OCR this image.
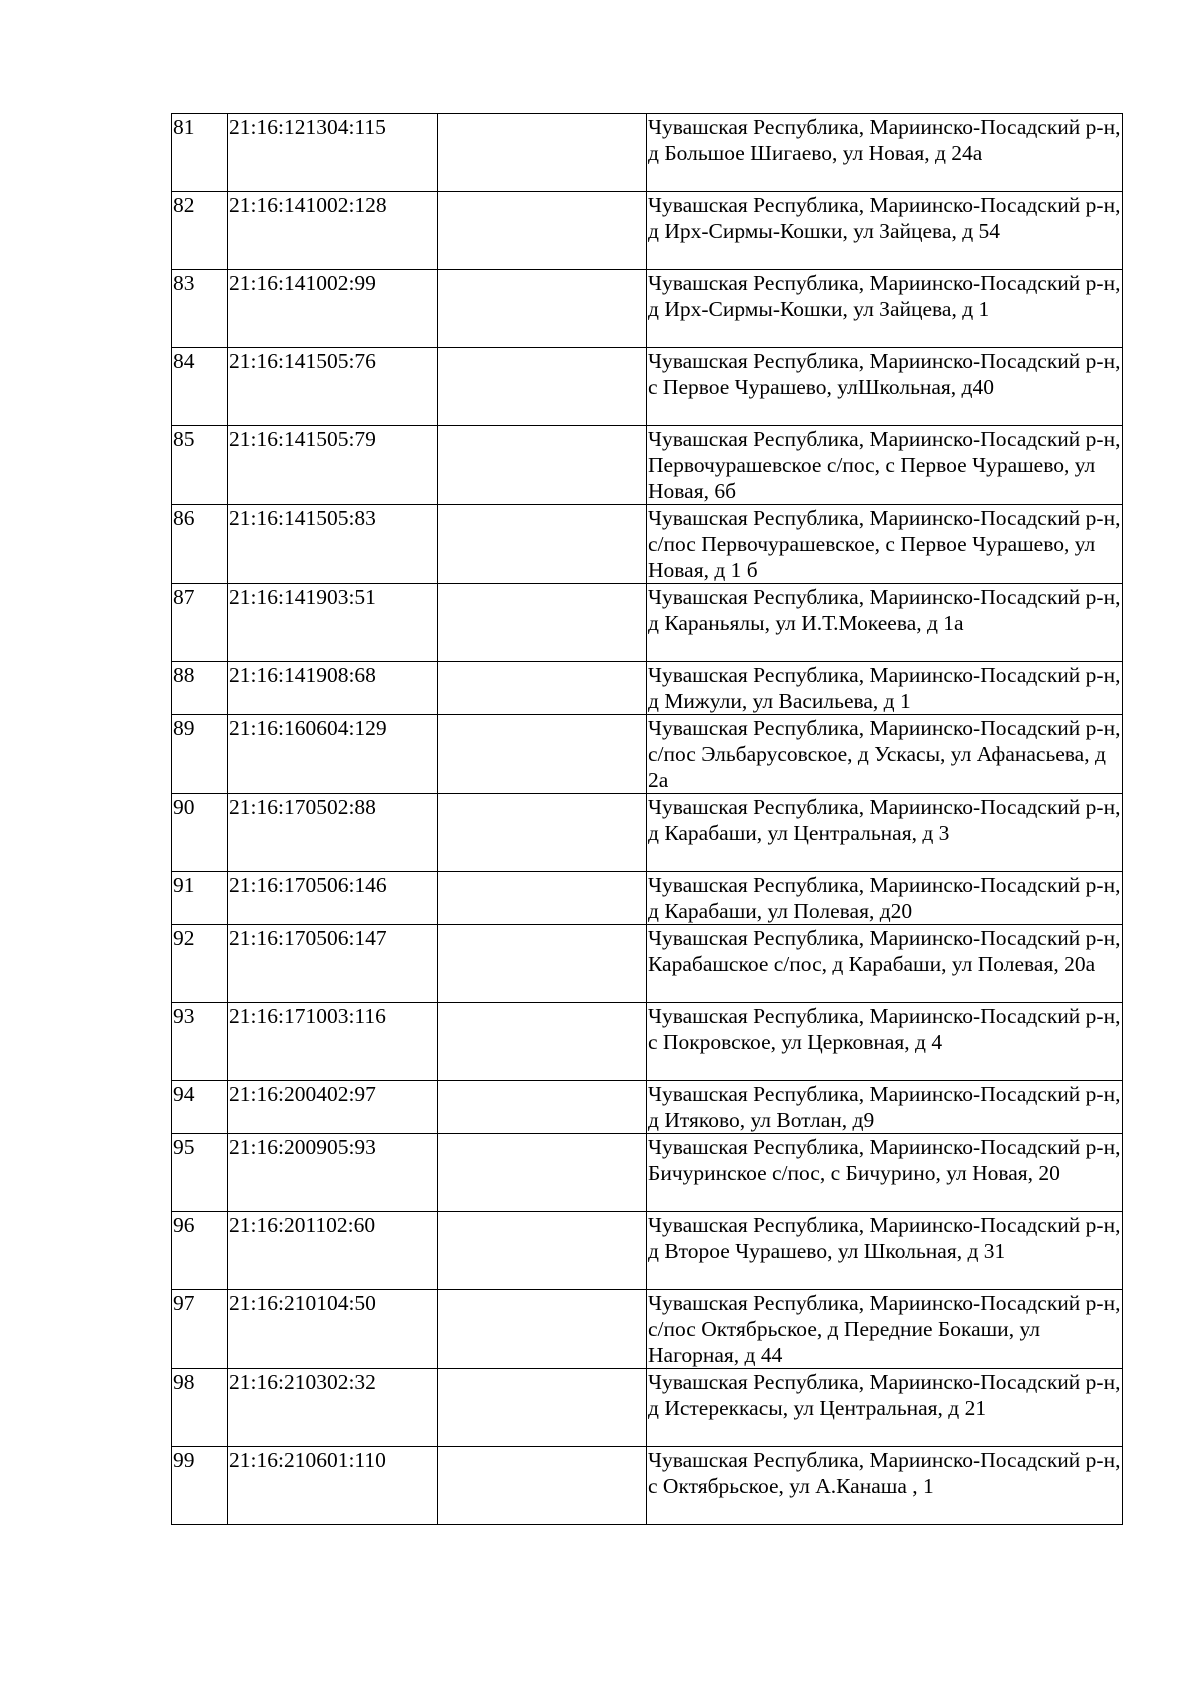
81	21:16:121304:115		Чувашская Республика, Мариинско-Посадский р-н, д Большое Шигаево, ул Новая, д 24а
82	21:16:141002:128		Чувашская Республика, Мариинско-Посадский р-н, д Ирх-Сирмы-Кошки, ул Зайцева, д 54
83	21:16:141002:99		Чувашская Республика, Мариинско-Посадский р-н, д Ирх-Сирмы-Кошки, ул Зайцева, д 1
84	21:16:141505:76		Чувашская Республика, Мариинско-Посадский р-н, с Первое Чурашево, улШкольная, д40
85	21:16:141505:79		Чувашская Республика, Мариинско-Посадский р-н, Первочурашевское с/пос, с Первое Чурашево, ул Новая, 6б
86	21:16:141505:83		Чувашская Республика, Мариинско-Посадский р-н, с/пос Первочурашевское, с Первое Чурашево, ул Новая, д 1 б
87	21:16:141903:51		Чувашская Республика, Мариинско-Посадский р-н, д Караньялы, ул И.Т.Мокеева, д 1а
88	21:16:141908:68		Чувашская Республика, Мариинско-Посадский р-н, д Мижули, ул Васильева, д 1
89	21:16:160604:129		Чувашская Республика, Мариинско-Посадский р-н, с/пос Эльбарусовское, д Ускасы, ул Афанасьева, д 2а
90	21:16:170502:88		Чувашская Республика, Мариинско-Посадский р-н, д Карабаши, ул Центральная, д 3
91	21:16:170506:146		Чувашская Республика, Мариинско-Посадский р-н, д Карабаши, ул Полевая, д20
92	21:16:170506:147		Чувашская Республика, Мариинско-Посадский р-н, Карабашское с/пос, д Карабаши, ул Полевая, 20а
93	21:16:171003:116		Чувашская Республика, Мариинско-Посадский р-н, с Покровское, ул Церковная, д 4
94	21:16:200402:97		Чувашская Республика, Мариинско-Посадский р-н, д Итяково, ул Вотлан, д9
95	21:16:200905:93		Чувашская Республика, Мариинско-Посадский р-н, Бичуринское с/пос, с Бичурино, ул Новая, 20
96	21:16:201102:60		Чувашская Республика, Мариинско-Посадский р-н, д Второе Чурашево, ул Школьная, д 31
97	21:16:210104:50		Чувашская Республика, Мариинско-Посадский р-н, с/пос Октябрьское, д Передние Бокаши, ул Нагорная, д 44
98	21:16:210302:32		Чувашская Республика, Мариинско-Посадский р-н, д Истереккасы, ул Центральная, д 21
99	21:16:210601:110		Чувашская Республика, Мариинско-Посадский р-н, с Октябрьское, ул А.Канаша , 1
